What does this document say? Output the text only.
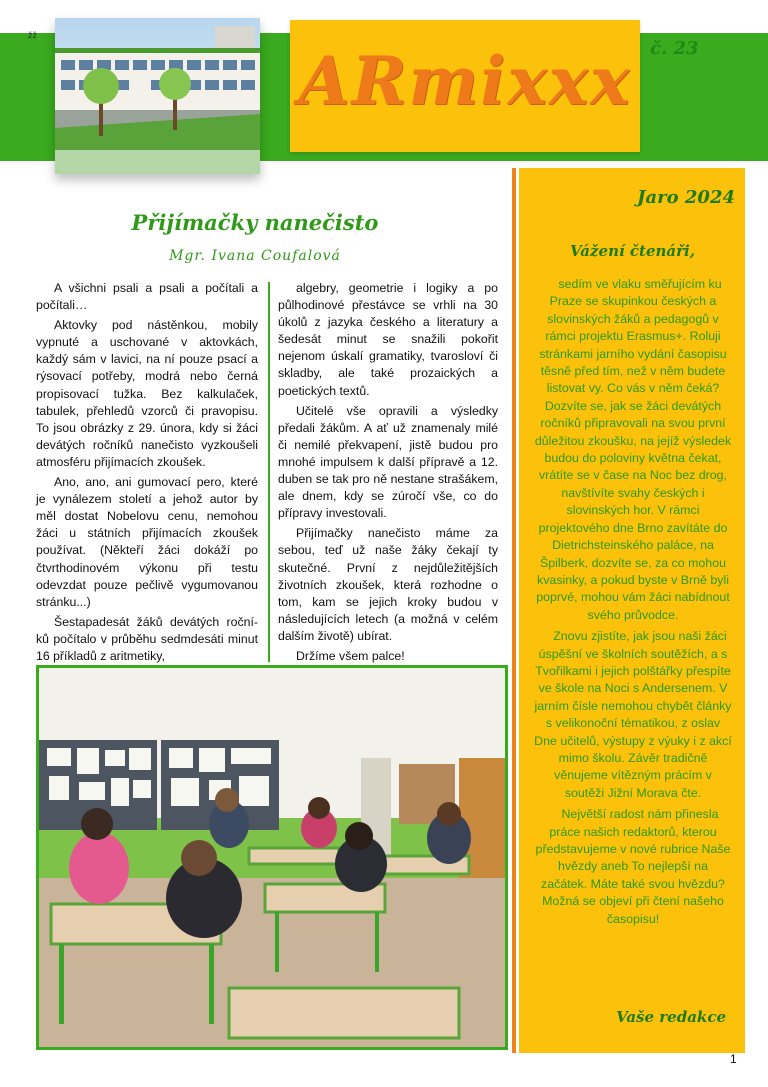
žž
ARmixxx	č. 23
Jaro 2024
Vážení čtenáři,

sedím ve vlaku směřujícím ku Praze se skupinkou českých a slovinských žáků a pedagogů v rámci projektu Erasmus+. Roluji stránkami jarního vydání časopisu těsně před tím, než v něm budete listovat vy. Co vás v něm čeká? Dozvíte se, jak se žáci devátých ročníků připravovali na svou první důležitou zkoušku, na jejíž výsledek budou do poloviny května čekat, vrátíte se v čase na Noc bez drog, navštívíte svahy českých i slovinských hor. V rámci projektového dne Brno zavítáte do Dietrichsteinského paláce, na Špilberk, dozvíte se, za co mohou kvasinky, a pokud byste v Brně byli poprvé, mohou vám žáci nabídnout svého průvodce.

Znovu zjistíte, jak jsou naši žáci úspěšní ve školních soutěžích, a s Tvořilkami i jejich polštářky přespíte ve škole na Noci s Andersenem. V jarním čísle nemohou chybět články s velikonoční tématikou, z oslav Dne učitelů, výstupy z výuky i z akcí mimo školu. Závěr tradičně věnujeme vítězným prácím v soutěži Jižní Morava čte.

Největší radost nám přinesla práce našich redaktorů, kterou představujeme v nové rubrice Naše hvězdy aneb To nejlepší na začátek. Máte také svou hvězdu? Možná se objeví při čtení našeho časopisu!

Vaše redakce
Přijímačky nanečisto
Mgr. Ivana Coufalová

A všichni psali a psali a počítali a počítali…

Aktovky pod nástěnkou, mobily vypnuté a uschované v aktovkách, každý sám v lavici, na ní pouze psací a rýsovací potřeby, modrá nebo černá propisovací tužka. Bez kalkulaček, tabulek, přehledů vzorců či pravopisu. To jsou obrázky z 29. února, kdy si žáci devátých ročníků nanečisto vyzkoušeli atmosféru přijímacích zkoušek.

Ano, ano, ani gumovací pero, které je vynálezem století a jehož autor by měl dostat Nobelovu cenu, nemohou žáci u státních přijímacích zkoušek používat. (Někteří žáci dokáží po čtvrthodinovém výkonu při testu odevzdat pouze pečlivě vygumovanou stránku...)

Šestapadesát žáků devátých roční-ků počítalo v průběhu sedmdesáti minut 16 příkladů z aritmetiky,

algebry, geometrie i logiky a po půlhodinové přestávce se vrhli na 30 úkolů z jazyka českého a literatury a šedesát minut se snažili pokořit nejenom úskalí gramatiky, tvarosloví či skladby, ale také prozaických a poetických textů.

Učitelé vše opravili a výsledky předali žákům. A ať už znamenaly milé či nemilé překvapení, jistě budou pro mnohé impulsem k další přípravě a 12. duben se tak pro ně nestane strašákem, ale dnem, kdy se zúročí vše, co do přípravy investovali.

Přijímačky nanečisto máme za sebou, teď už naše žáky čekají ty skutečné. První z nejdůležitějších životních zkoušek, která rozhodne o tom, kam se jejich kroky budou v následujících letech (a možná v celém dalším životě) ubírat.

Držíme všem palce!

1
